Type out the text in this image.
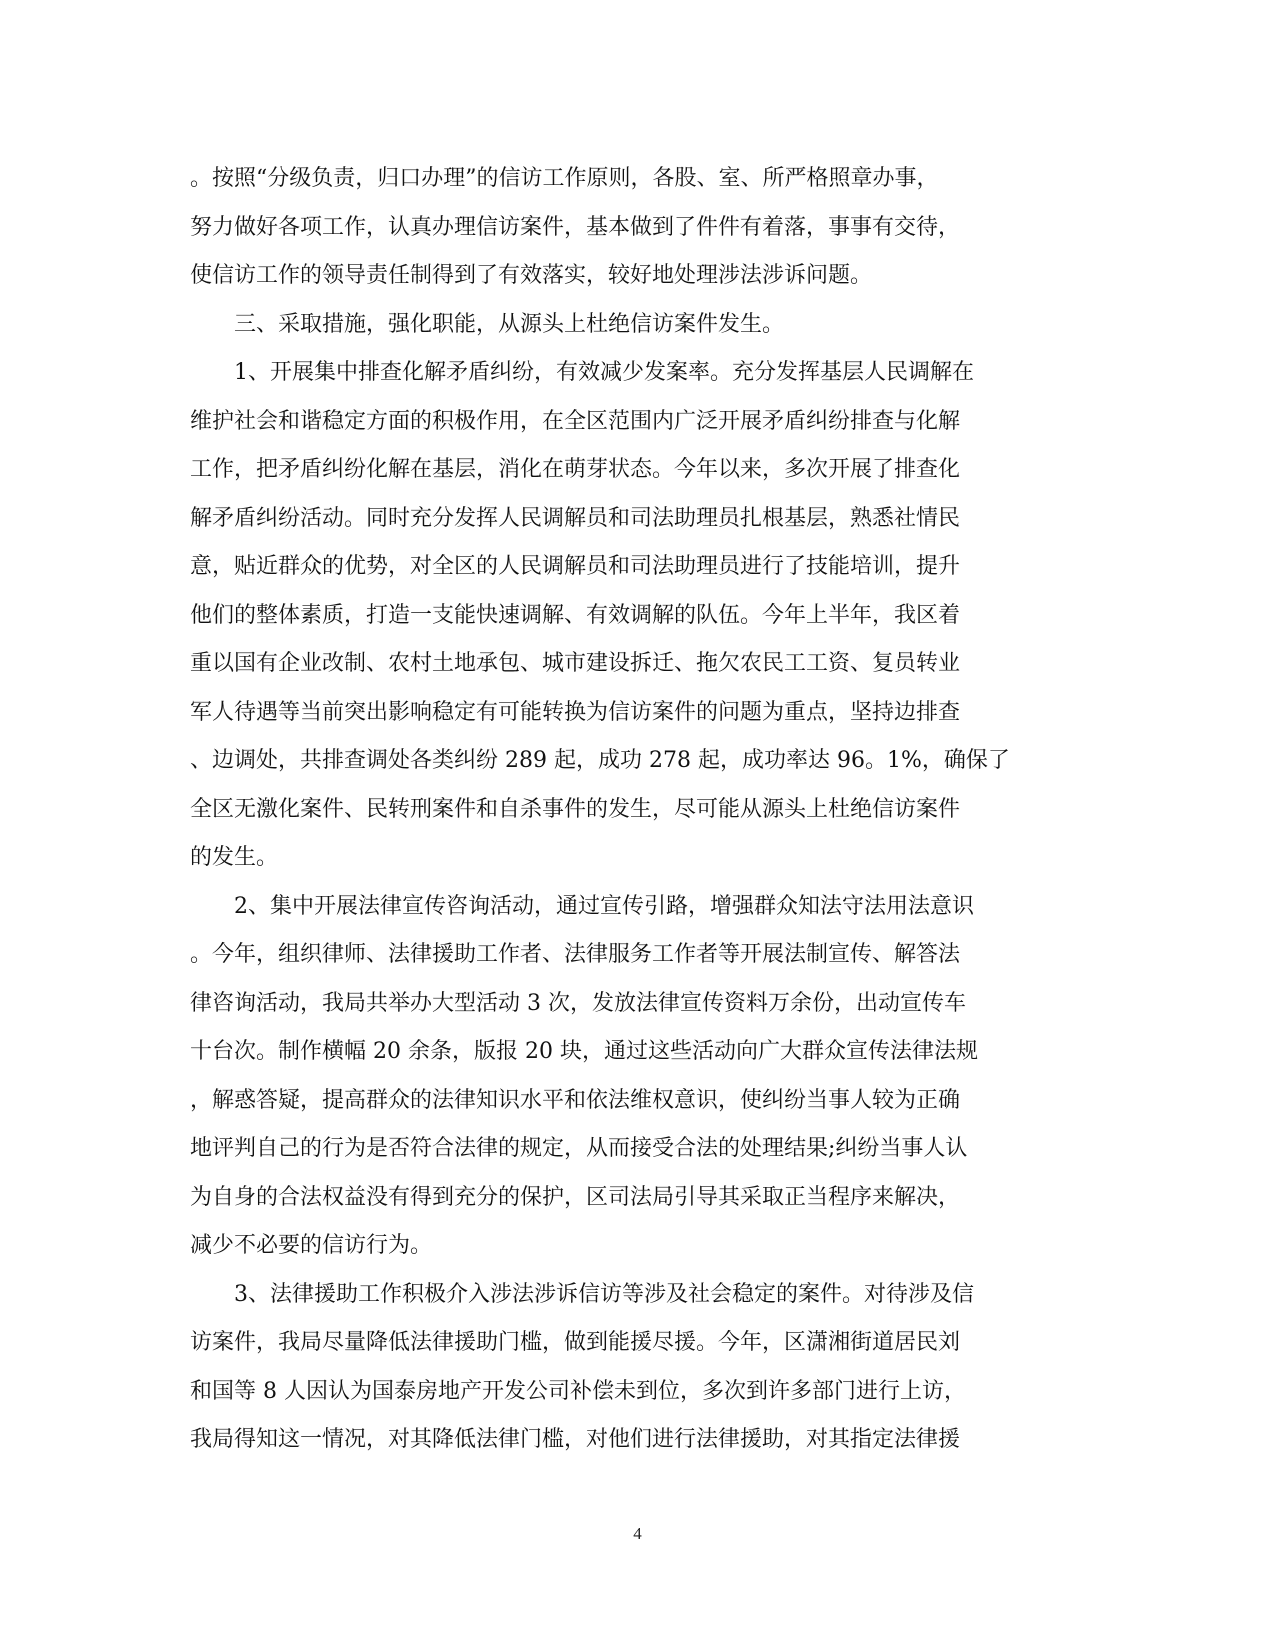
。按照“分级负责，归口办理”的信访工作原则，各股、室、所严格照章办事，
努力做好各项工作，认真办理信访案件，基本做到了件件有着落，事事有交待，
使信访工作的领导责任制得到了有效落实，较好地处理涉法涉诉问题。

三、采取措施，强化职能，从源头上杜绝信访案件发生。

1、开展集中排查化解矛盾纠纷，有效减少发案率。充分发挥基层人民调解在
维护社会和谐稳定方面的积极作用，在全区范围内广泛开展矛盾纠纷排查与化解
工作，把矛盾纠纷化解在基层，消化在萌芽状态。今年以来，多次开展了排查化
解矛盾纠纷活动。同时充分发挥人民调解员和司法助理员扎根基层，熟悉社情民
意，贴近群众的优势，对全区的人民调解员和司法助理员进行了技能培训，提升
他们的整体素质，打造一支能快速调解、有效调解的队伍。今年上半年，我区着
重以国有企业改制、农村土地承包、城市建设拆迁、拖欠农民工工资、复员转业
军人待遇等当前突出影响稳定有可能转换为信访案件的问题为重点，坚持边排查
、边调处，共排查调处各类纠纷 289 起，成功 278 起，成功率达 96。1%，确保了
全区无激化案件、民转刑案件和自杀事件的发生，尽可能从源头上杜绝信访案件
的发生。

2、集中开展法律宣传咨询活动，通过宣传引路，增强群众知法守法用法意识
。今年，组织律师、法律援助工作者、法律服务工作者等开展法制宣传、解答法
律咨询活动，我局共举办大型活动 3 次，发放法律宣传资料万余份，出动宣传车
十台次。制作横幅 20 余条，版报 20 块，通过这些活动向广大群众宣传法律法规
，解惑答疑，提高群众的法律知识水平和依法维权意识，使纠纷当事人较为正确
地评判自己的行为是否符合法律的规定，从而接受合法的处理结果;纠纷当事人认
为自身的合法权益没有得到充分的保护，区司法局引导其采取正当程序来解决，
减少不必要的信访行为。

3、法律援助工作积极介入涉法涉诉信访等涉及社会稳定的案件。对待涉及信
访案件，我局尽量降低法律援助门槛，做到能援尽援。今年，区潇湘街道居民刘
和国等 8 人因认为国泰房地产开发公司补偿未到位，多次到许多部门进行上访，
我局得知这一情况，对其降低法律门槛，对他们进行法律援助，对其指定法律援

4
